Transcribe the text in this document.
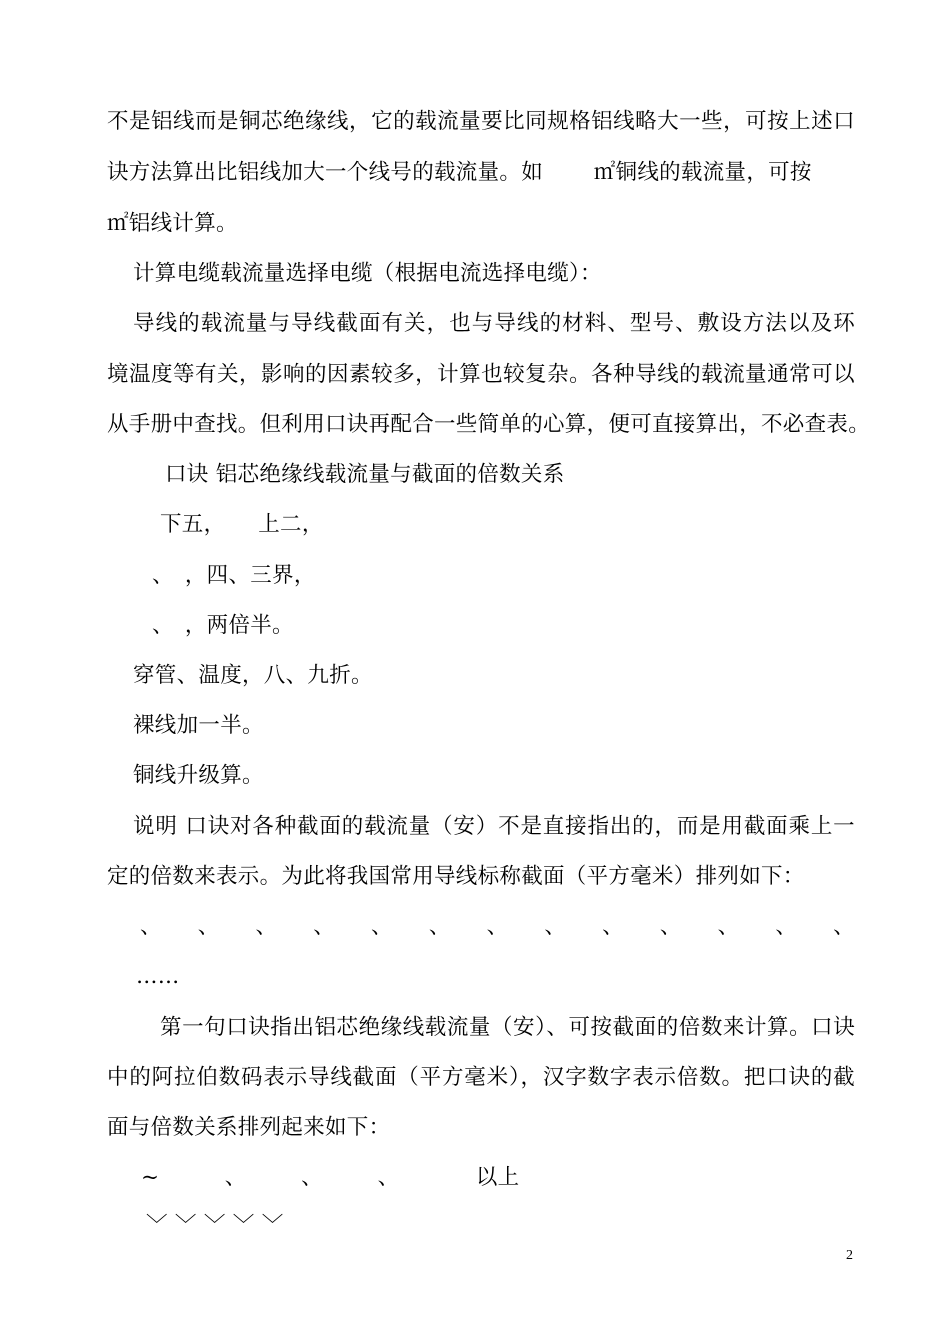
不是铝线而是铜芯绝缘线，它的载流量要比同规格铝线略大一些，可按上述口
诀方法算出比铝线加大一个线号的载流量。如　　 ㎡铜线的载流量，可按
㎡铝线计算。
计算电缆载流量选择电缆（根据电流选择电缆）：
导线的载流量与导线截面有关，也与导线的材料、型号、敷设方法以及环
境温度等有关，影响的因素较多，计算也较复杂。各种导线的载流量通常可以
从手册中查找。但利用口诀再配合一些简单的心算，便可直接算出，不必查表。
口诀 铝芯绝缘线载流量与截面的倍数关系
下五，　　上二，
、　，四、三界，
、　，两倍半。
穿管、温度，八、九折。
裸线加一半。
铜线升级算。
说明 口诀对各种截面的载流量（安）不是直接指出的，而是用截面乘上一
定的倍数来表示。为此将我国常用导线标称截面（平方毫米）排列如下：
、　、　、　、　、　、　、　、　、　、　、　、　、
……
第一句口诀指出铝芯绝缘线载流量（安）、可按截面的倍数来计算。口诀
中的阿拉伯数码表示导线截面（平方毫米），汉字数字表示倍数。把口诀的截
面与倍数关系排列起来如下：
~　　　、　　　、　　　、　　　　以上
﹀ ﹀ ﹀ ﹀ ﹀
2
